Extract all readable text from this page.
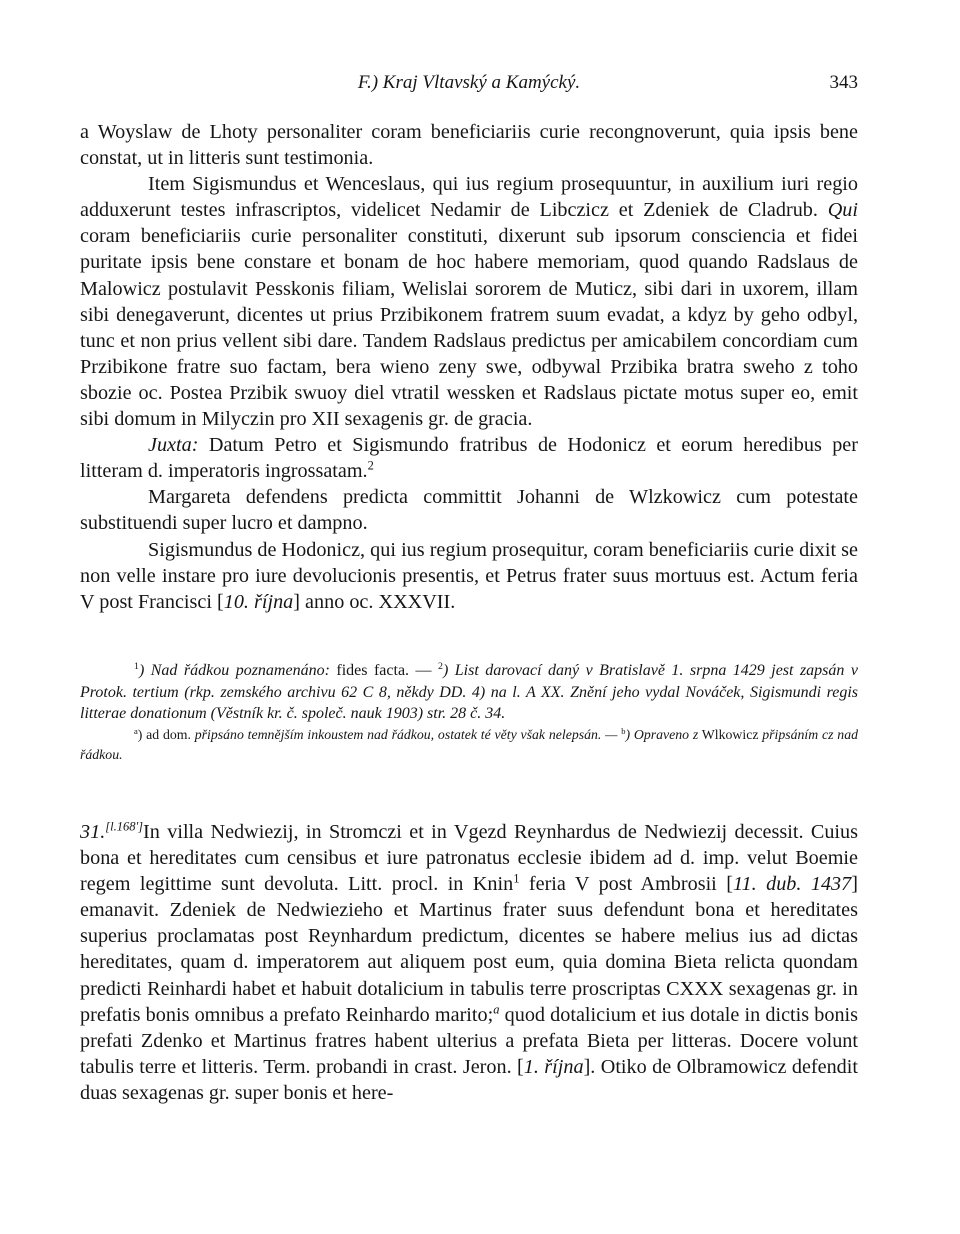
F.) Kraj Vltavský a Kamýcký.	343

a Woyslaw de Lhoty personaliter coram beneficiariis curie recongnoverunt, quia ipsis bene constat, ut in litteris sunt testimonia.

Item Sigismundus et Wenceslaus, qui ius regium prosequuntur, in auxilium iuri regio adduxerunt testes infrascriptos, videlicet Nedamir de Libczicz et Zdeniek de Cladrub. Qui coram beneficiariis curie personaliter constituti, dixerunt sub ipsorum consciencia et fidei puritate ipsis bene constare et bonam de hoc habere memoriam, quod quando Radslaus de Malowicz postulavit Pesskonis filiam, Welislai sororem de Muticz, sibi dari in uxorem, illam sibi denegaverunt, dicentes ut prius Przibikonem fratrem suum evadat, a kdyz by geho odbyl, tunc et non prius vellent sibi dare. Tandem Radslaus predictus per amicabilem concordiam cum Przibikone fratre suo factam, bera wieno zeny swe, odbywal Przibika bratra sweho z toho sbozie oc. Postea Przibik swuoy diel vtratil wessken et Radslaus pictate motus super eo, emit sibi domum in Milyczin pro XII sexagenis gr. de gracia.

Juxta: Datum Petro et Sigismundo fratribus de Hodonicz et eorum heredibus per litteram d. imperatoris ingrossatam.$^2$

Margareta defendens predicta committit Johanni de Wlzkowicz cum potestate substituendi super lucro et dampno.

Sigismundus de Hodonicz, qui ius regium prosequitur, coram beneficiariis curie dixit se non velle instare pro iure devolucionis presentis, et Petrus frater suus mortuus est. Actum feria V post Francisci [10. října] anno oc. XXXVII.

$^1$) Nad řádkou poznamenáno: fides facta. — $^2$) List darovací daný v Bratislavě 1. srpna 1429 jest zapsán v Protok. tertium (rkp. zemského archivu 62 C 8, někdy DD. 4) na l. A XX. Znění jeho vydal Nováček, Sigismundi regis litterae donationum (Věstník kr. č. společ. nauk 1903) str. 28 č. 34.

$^a$) ad dom. připsáno temnějším inkoustem nad řádkou, ostatek té věty však nelepsán. — $^b$) Opraveno z Wlkowicz připsáním cz nad řádkou.

31.[l.168']In villa Nedwiezij, in Stromczi et in Vgezd Reynhardus de Nedwiezij decessit. Cuius bona et hereditates cum censibus et iure patronatus ecclesie ibidem ad d. imp. velut Boemie regem legittime sunt devoluta. Litt. procl. in Knin$^1$ feria V post Ambrosii [11. dub. 1437] emanavit. Zdeniek de Nedwiezieho et Martinus frater suus defendunt bona et hereditates superius proclamatas post Reynhardum predictum, dicentes se habere melius ius ad dictas hereditates, quam d. imperatorem aut aliquem post eum, quia domina Bieta relicta quondam predicti Reinhardi habet et habuit dotalicium in tabulis terre proscriptas CXXX sexagenas gr. in prefatis bonis omnibus a prefato Reinhardo marito;$^a$ quod dotalicium et ius dotale in dictis bonis prefati Zdenko et Martinus fratres habent ulterius a prefata Bieta per litteras. Docere volunt tabulis terre et litteris. Term. probandi in crast. Jeron. [1. října]. Otiko de Olbramowicz defendit duas sexagenas gr. super bonis et here-
